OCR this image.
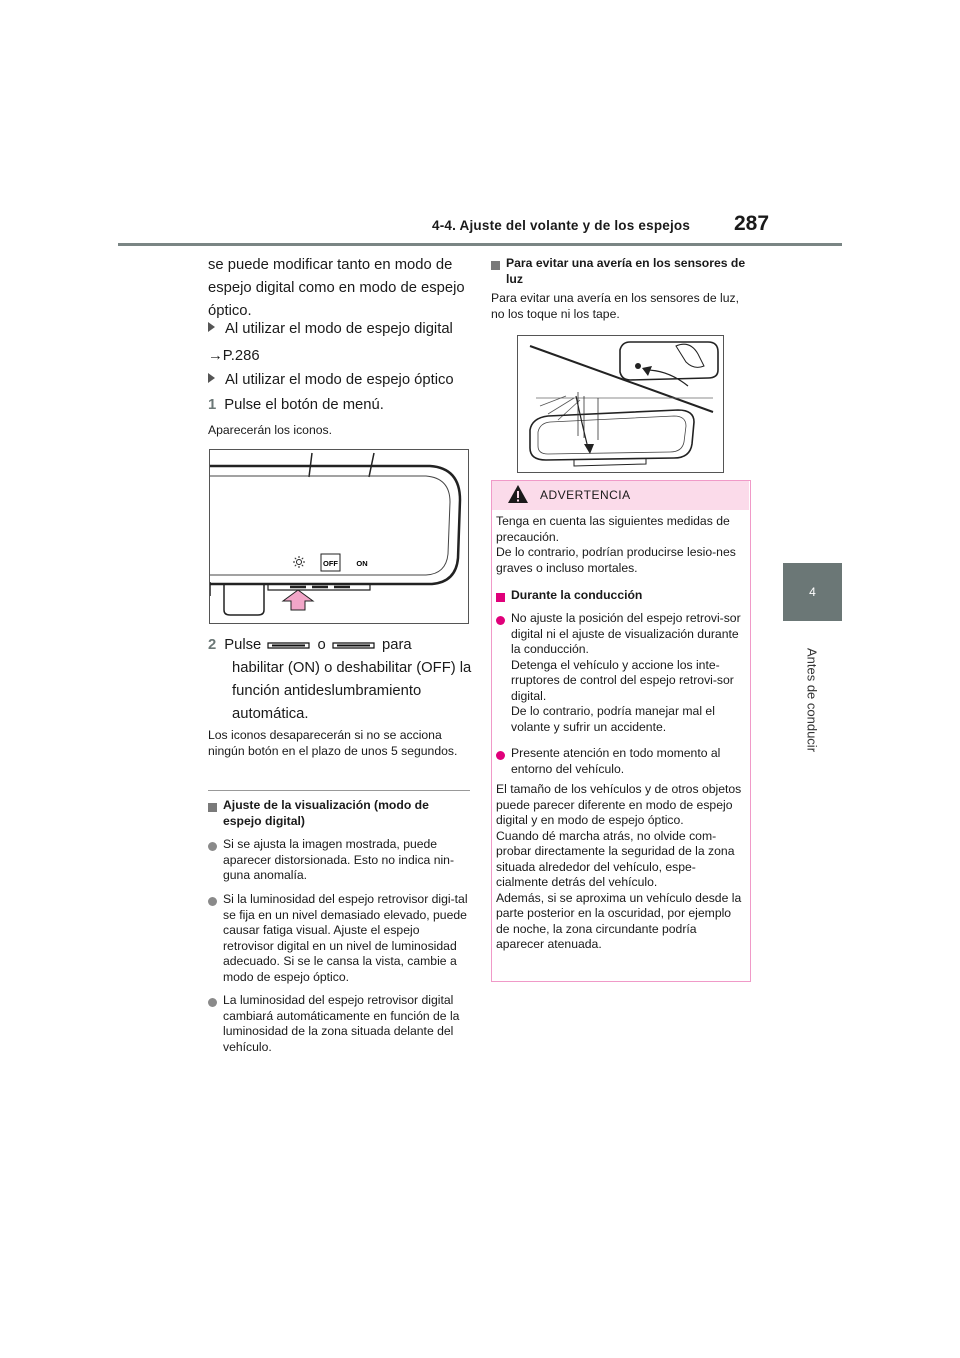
4-4. Ajuste del volante y de los espejos 287
4
Antes de conducir
se puede modificar tanto en modo de espejo digital como en modo de espejo óptico.
Al utilizar el modo de espejo digital
→P.286
Al utilizar el modo de espejo óptico
1 Pulse el botón de menú.
Aparecerán los iconos.
OFF ON
2 Pulse	o	para
habilitar (ON) o deshabilitar (OFF) la función antideslumbramiento automática.
Los iconos desaparecerán si no se acciona ningún botón en el plazo de unos 5 segundos.
Ajuste de la visualización (modo de espejo digital)
Si se ajusta la imagen mostrada, puede aparecer distorsionada. Esto no indica nin-guna anomalía.
Si la luminosidad del espejo retrovisor digi-tal se fija en un nivel demasiado elevado, puede causar fatiga visual. Ajuste el espejo retrovisor digital en un nivel de luminosidad adecuado. Si se le cansa la vista, cambie a modo de espejo óptico.
La luminosidad del espejo retrovisor digital cambiará automáticamente en función de la luminosidad de la zona situada delante del vehículo.
Para evitar una avería en los sensores de luz
Para evitar una avería en los sensores de luz, no los toque ni los tape.
ADVERTENCIA
Tenga en cuenta las siguientes medidas de precaución.
De lo contrario, podrían producirse lesio-nes graves o incluso mortales.
Durante la conducción
No ajuste la posición del espejo retrovi-sor digital ni el ajuste de visualización durante la conducción.
Detenga el vehículo y accione los inte-rruptores de control del espejo retrovi-sor digital.
De lo contrario, podría manejar mal el volante y sufrir un accidente.
Presente atención en todo momento al entorno del vehículo.
El tamaño de los vehículos y de otros objetos puede parecer diferente en modo de espejo digital y en modo de espejo óptico.
Cuando dé marcha atrás, no olvide com-probar directamente la seguridad de la zona situada alrededor del vehículo, espe-cialmente detrás del vehículo.
Además, si se aproxima un vehículo desde la parte posterior en la oscuridad, por ejemplo de noche, la zona circundante podría aparecer atenuada.
